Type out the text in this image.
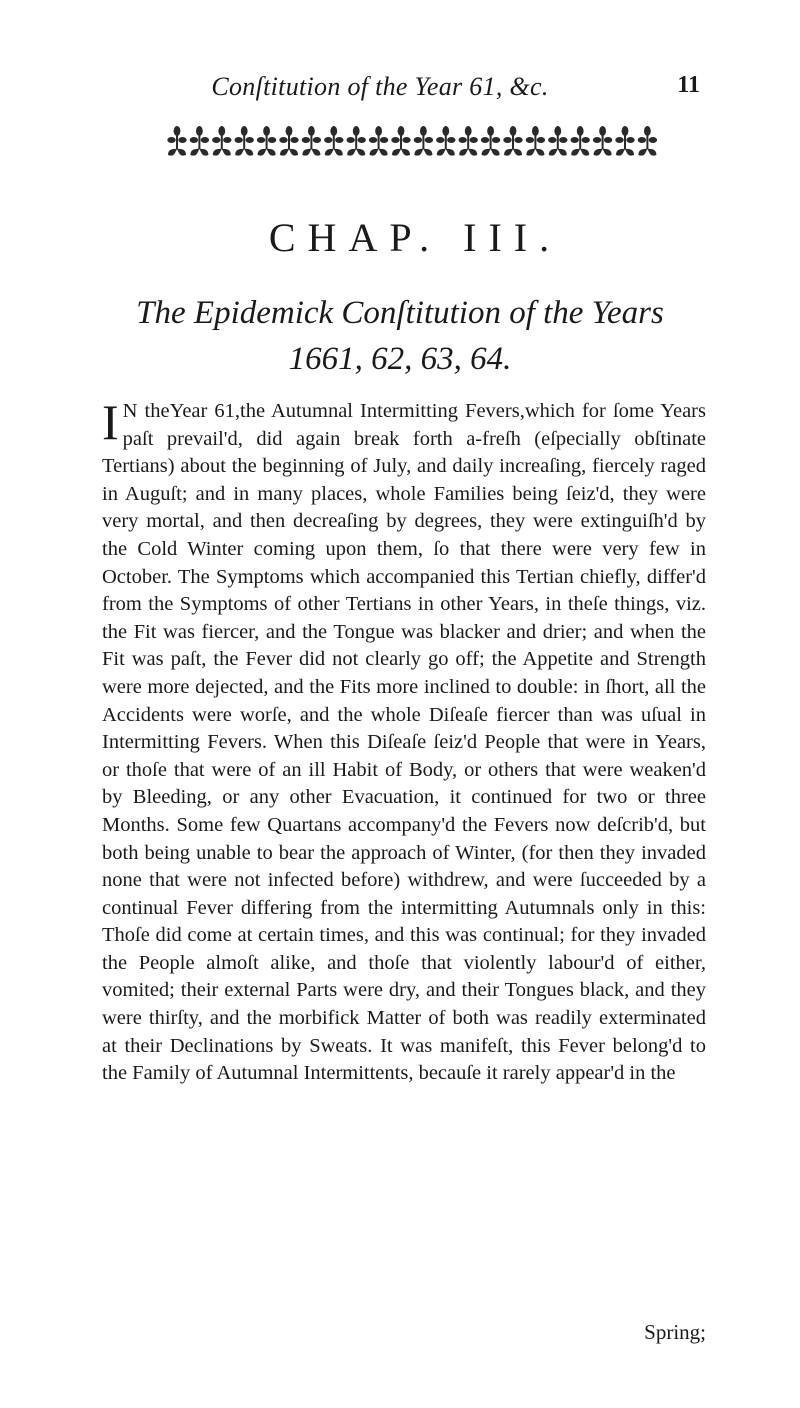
Conſtitution of the Year 61, &c.	11
CHAP. III.
The Epidemick Conſtitution of the Years
1661, 62, 63, 64.

I N theYear 61,the Autumnal Intermitting Fevers,which for ſome Years paſt prevail'd, did again break forth a-freſh (eſpecially obſtinate Tertians) about the beginning of July, and daily increaſing, fiercely raged in Auguſt; and in many places, whole Families being ſeiz'd, they were very mortal, and then decreaſing by degrees, they were extinguiſh'd by the Cold Winter coming upon them, ſo that there were very few in October. The Symptoms which accompanied this Tertian chiefly, differ'd from the Symptoms of other Tertians in other Years, in theſe things, viz. the Fit was fiercer, and the Tongue was blacker and drier; and when the Fit was paſt, the Fever did not clearly go off; the Appetite and Strength were more dejected, and the Fits more inclined to double: in ſhort, all the Accidents were worſe, and the whole Diſeaſe fiercer than was uſual in Intermitting Fevers. When this Diſeaſe ſeiz'd People that were in Years, or thoſe that were of an ill Habit of Body, or others that were weaken'd by Bleeding, or any other Evacuation, it continued for two or three Months. Some few Quartans accompany'd the Fevers now deſcrib'd, but both being unable to bear the approach of Winter, (for then they invaded none that were not infected before) withdrew, and were ſucceeded by a continual Fever differing from the intermitting Autumnals only in this: Thoſe did come at certain times, and this was continual; for they invaded the People almoſt alike, and thoſe that violently labour'd of either, vomited; their external Parts were dry, and their Tongues black, and they were thirſty, and the morbifick Matter of both was readily exterminated at their Declinations by Sweats. It was manifeſt, this Fever belong'd to the Family of Autumnal Intermittents, becauſe it rarely appear'd in the

Spring;
